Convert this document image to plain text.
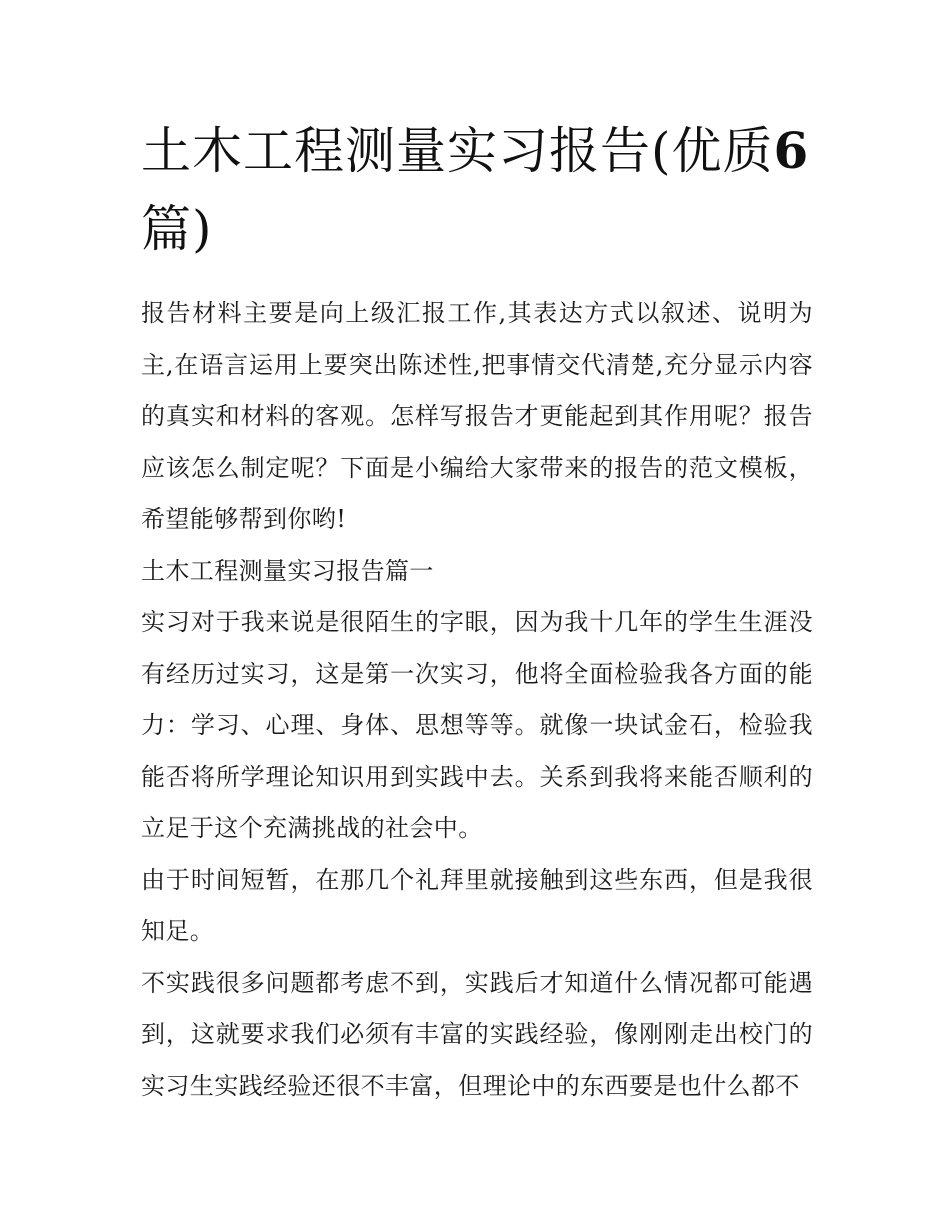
土木工程测量实习报告(优质6
篇)

报告材料主要是向上级汇报工作,其表达方式以叙述、说明为主,在语言运用上要突出陈述性,把事情交代清楚,充分显示内容的真实和材料的客观。怎样写报告才更能起到其作用呢？报告应该怎么制定呢？下面是小编给大家带来的报告的范文模板，希望能够帮到你哟!

土木工程测量实习报告篇一

实习对于我来说是很陌生的字眼，因为我十几年的学生生涯没有经历过实习，这是第一次实习，他将全面检验我各方面的能力：学习、心理、身体、思想等等。就像一块试金石，检验我能否将所学理论知识用到实践中去。关系到我将来能否顺利的立足于这个充满挑战的社会中。

由于时间短暂，在那几个礼拜里就接触到这些东西，但是我很知足。

不实践很多问题都考虑不到，实践后才知道什么情况都可能遇到，这就要求我们必须有丰富的实践经验，像刚刚走出校门的实习生实践经验还很不丰富，但理论中的东西要是也什么都不
